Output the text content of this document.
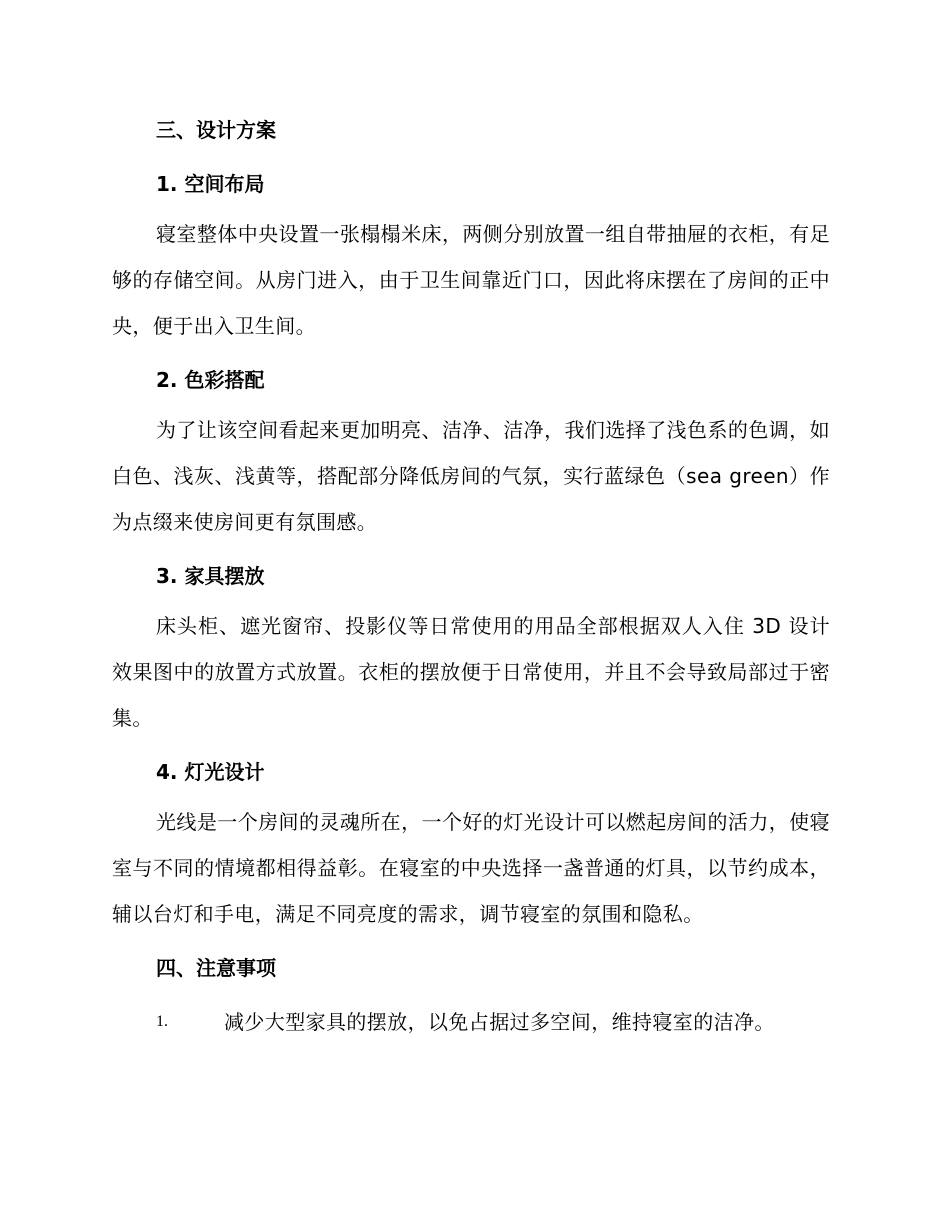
三、设计方案
1. 空间布局

寝室整体中央设置一张榻榻米床，两侧分别放置一组自带抽屉的衣柜，有足够的存储空间。从房门进入，由于卫生间靠近门口，因此将床摆在了房间的正中央，便于出入卫生间。

2. 色彩搭配

为了让该空间看起来更加明亮、洁净、洁净，我们选择了浅色系的色调，如白色、浅灰、浅黄等，搭配部分降低房间的气氛，实行蓝绿色（sea green）作为点缀来使房间更有氛围感。

3. 家具摆放

床头柜、遮光窗帘、投影仪等日常使用的用品全部根据双人入住 3D 设计效果图中的放置方式放置。衣柜的摆放便于日常使用，并且不会导致局部过于密集。

4. 灯光设计

光线是一个房间的灵魂所在，一个好的灯光设计可以燃起房间的活力，使寝室与不同的情境都相得益彰。在寝室的中央选择一盏普通的灯具，以节约成本，辅以台灯和手电，满足不同亮度的需求，调节寝室的氛围和隐私。

四、注意事项
1.	减少大型家具的摆放，以免占据过多空间，维持寝室的洁净。
